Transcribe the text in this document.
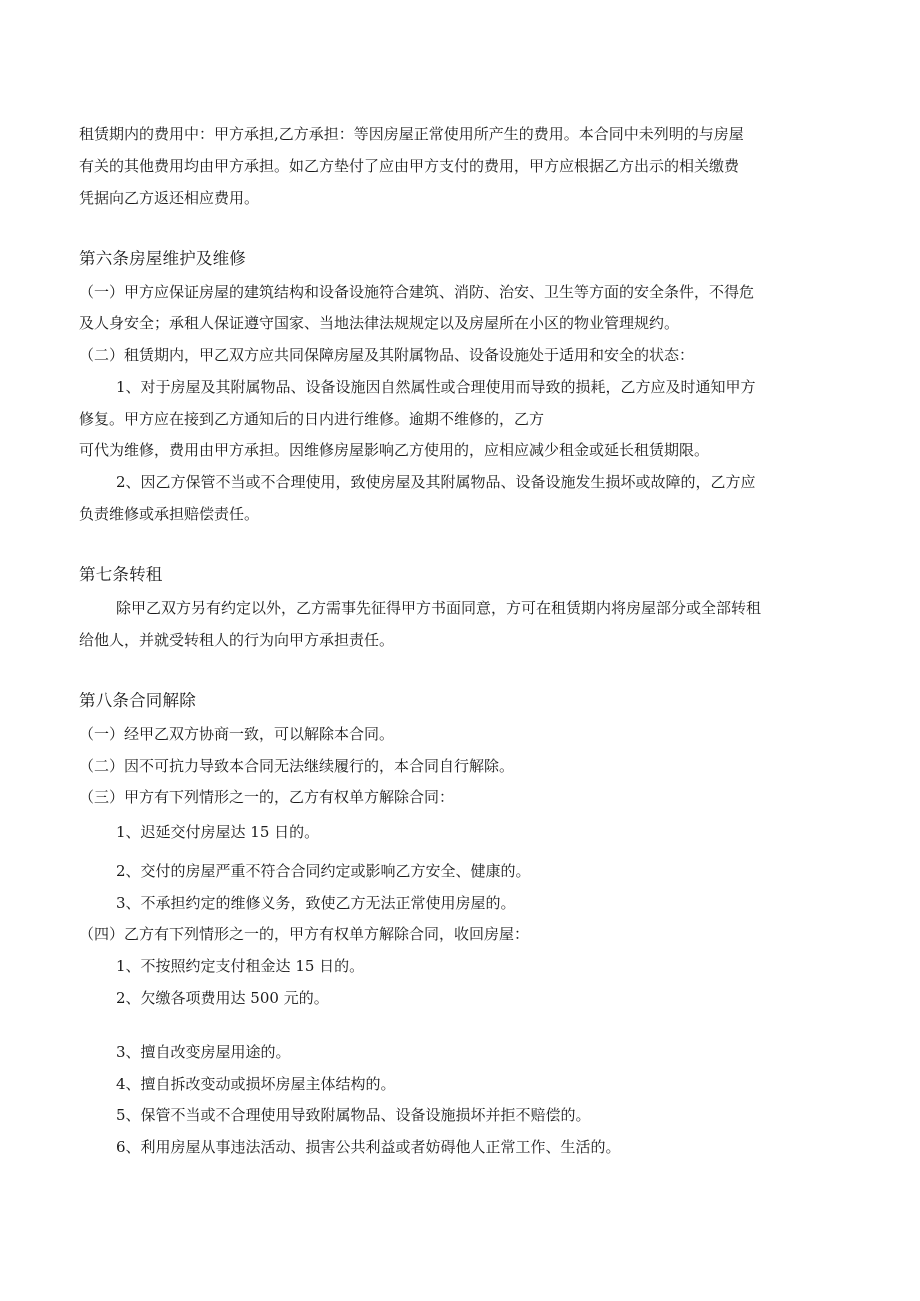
租赁期内的费用中：甲方承担,乙方承担：等因房屋正常使用所产生的费用。本合同中未列明的与房屋
有关的其他费用均由甲方承担。如乙方垫付了应由甲方支付的费用，甲方应根据乙方出示的相关缴费
凭据向乙方返还相应费用。
第六条房屋维护及维修
（一）甲方应保证房屋的建筑结构和设备设施符合建筑、消防、治安、卫生等方面的安全条件，不得危
及人身安全；承租人保证遵守国家、当地法律法规规定以及房屋所在小区的物业管理规约。
（二）租赁期内，甲乙双方应共同保障房屋及其附属物品、设备设施处于适用和安全的状态：
1、对于房屋及其附属物品、设备设施因自然属性或合理使用而导致的损耗，乙方应及时通知甲方
修复。甲方应在接到乙方通知后的日内进行维修。逾期不维修的，乙方
可代为维修，费用由甲方承担。因维修房屋影响乙方使用的，应相应减少租金或延长租赁期限。
2、因乙方保管不当或不合理使用，致使房屋及其附属物品、设备设施发生损坏或故障的，乙方应
负责维修或承担赔偿责任。
第七条转租
除甲乙双方另有约定以外，乙方需事先征得甲方书面同意，方可在租赁期内将房屋部分或全部转租
给他人，并就受转租人的行为向甲方承担责任。
第八条合同解除
（一）经甲乙双方协商一致，可以解除本合同。
（二）因不可抗力导致本合同无法继续履行的，本合同自行解除。
（三）甲方有下列情形之一的，乙方有权单方解除合同：
1、迟延交付房屋达 15 日的。
2、交付的房屋严重不符合合同约定或影响乙方安全、健康的。
3、不承担约定的维修义务，致使乙方无法正常使用房屋的。
（四）乙方有下列情形之一的，甲方有权单方解除合同，收回房屋：
1、不按照约定支付租金达 15 日的。
2、欠缴各项费用达 500 元的。
3、擅自改变房屋用途的。
4、擅自拆改变动或损坏房屋主体结构的。
5、保管不当或不合理使用导致附属物品、设备设施损坏并拒不赔偿的。
6、利用房屋从事违法活动、损害公共利益或者妨碍他人正常工作、生活的。
